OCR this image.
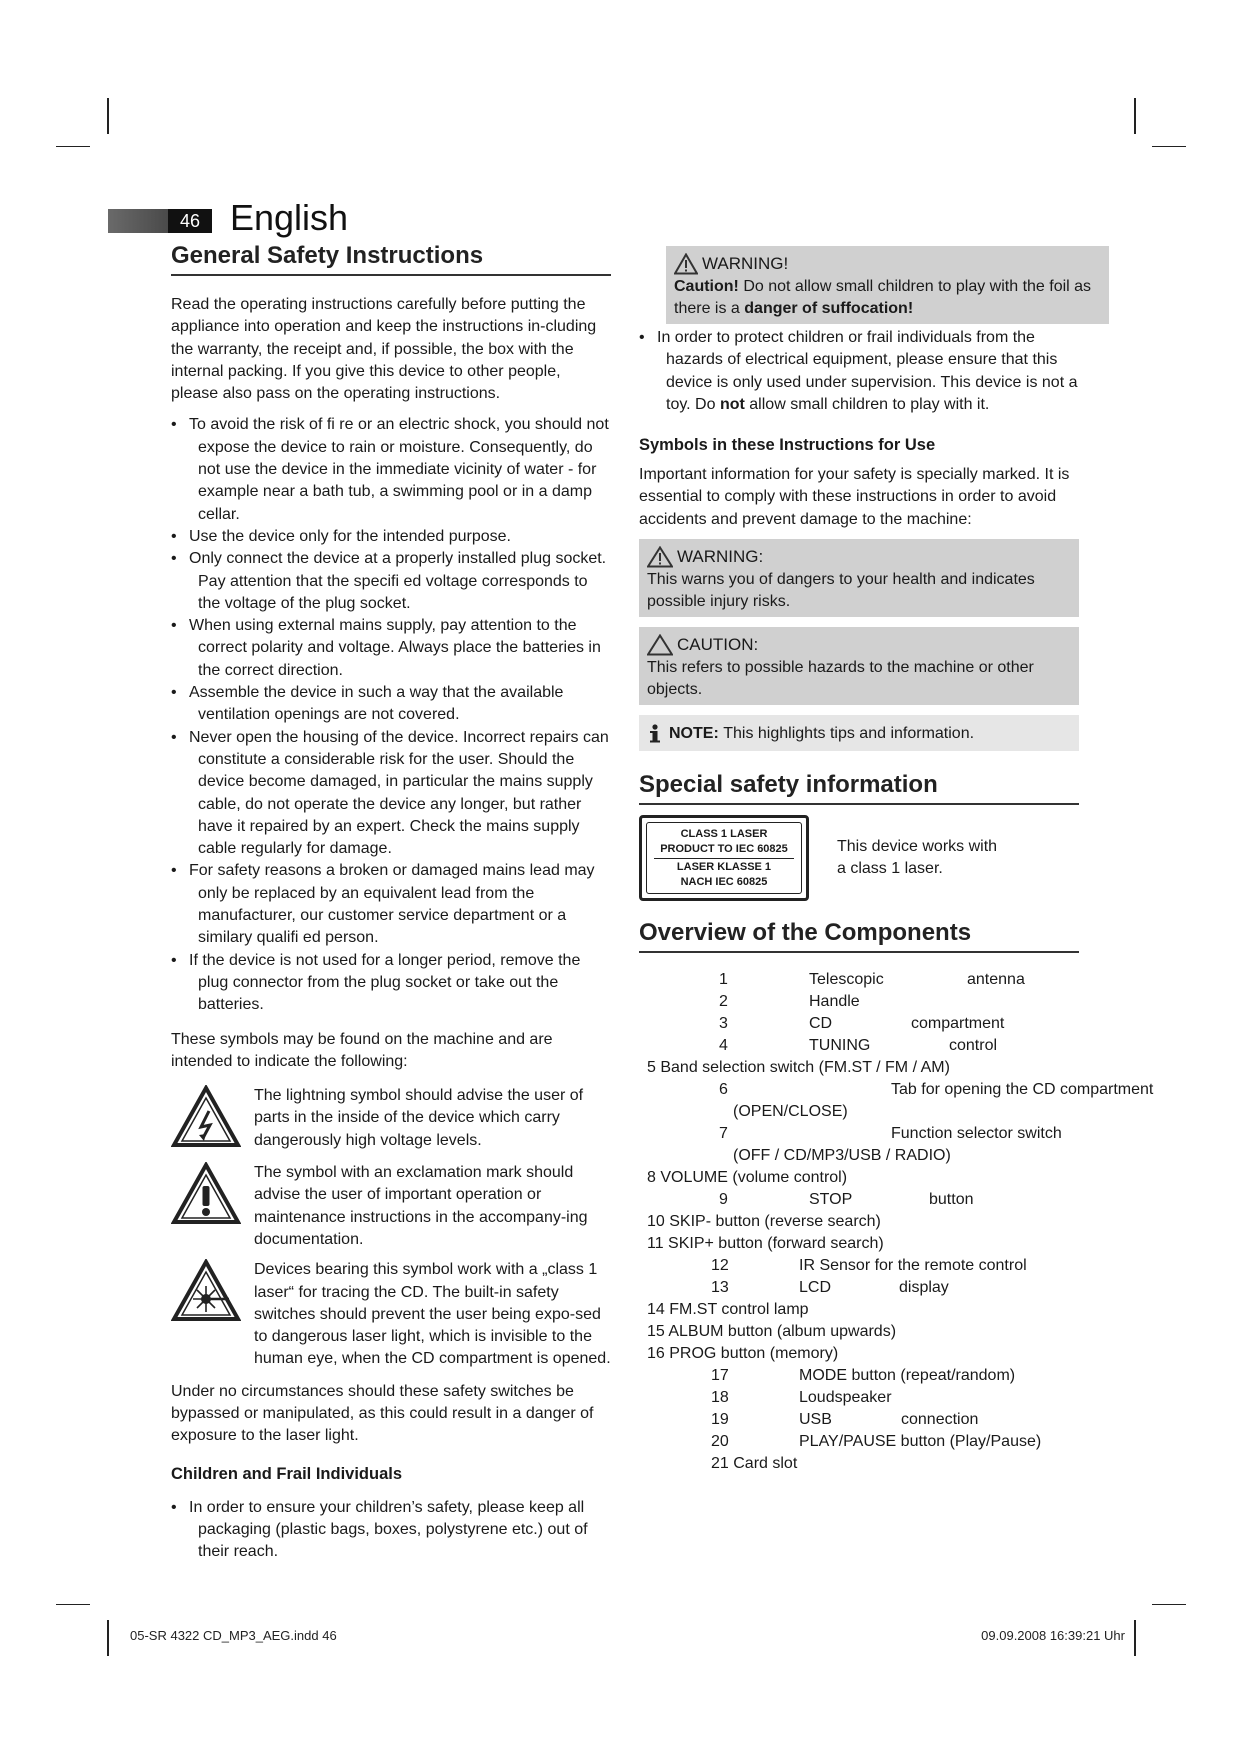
46 English
General Safety Instructions

Read the operating instructions carefully before putting the appliance into operation and keep the instructions in-cluding the warranty, the receipt and, if possible, the box with the internal packing. If you give this device to other people, please also pass on the operating instructions.

• To avoid the risk of fi re or an electric shock, you should not expose the device to rain or moisture. Consequently, do not use the device in the immediate vicinity of water - for example near a bath tub, a swimming pool or in a damp cellar.
• Use the device only for the intended purpose.
• Only connect the device at a properly installed plug socket. Pay attention that the specifi ed voltage corresponds to the voltage of the plug socket.
• When using external mains supply, pay attention to the correct polarity and voltage. Always place the batteries in the correct direction.
• Assemble the device in such a way that the available ventilation openings are not covered.
• Never open the housing of the device. Incorrect repairs can constitute a considerable risk for the user. Should the device become damaged, in particular the mains supply cable, do not operate the device any longer, but rather have it repaired by an expert. Check the mains supply cable regularly for damage.
• For safety reasons a broken or damaged mains lead may only be replaced by an equivalent lead from the manufacturer, our customer service department or a similary qualifi ed person.
• If the device is not used for a longer period, remove the plug connector from the plug socket or take out the batteries.

These symbols may be found on the machine and are intended to indicate the following:

The lightning symbol should advise the user of parts in the inside of the device which carry dangerously high voltage levels.
The symbol with an exclamation mark should advise the user of important operation or maintenance instructions in the accompany-ing documentation.
Devices bearing this symbol work with a „class 1 laser“ for tracing the CD. The built-in safety switches should prevent the user being expo-sed to dangerous laser light, which is invisible to the human eye, when the CD compartment is opened.

Under no circumstances should these safety switches be bypassed or manipulated, as this could result in a danger of exposure to the laser light.

Children and Frail Individuals

• In order to ensure your children’s safety, please keep all packaging (plastic bags, boxes, polystyrene etc.) out of their reach.
WARNING!
Caution! Do not allow small children to play with the foil as there is a danger of suffocation!
• In order to protect children or frail individuals from the hazards of electrical equipment, please ensure that this device is only used under supervision. This device is not a toy. Do not allow small children to play with it.

Symbols in these Instructions for Use

Important information for your safety is specially marked. It is essential to comply with these instructions in order to avoid accidents and prevent damage to the machine:

WARNING:
This warns you of dangers to your health and indicates possible injury risks.
CAUTION:
This refers to possible hazards to the machine or other objects.
NOTE:
This highlights tips and information.
Special safety information
CLASS 1 LASER
PRODUCT TO IEC 60825
LASER KLASSE 1
NACH IEC 60825
This device works with
a class 1 laser.
Overview of the Components
1	Telescopic	antenna
2	Handle
3	CD	compartment
4	TUNING	control
5 Band selection switch (FM.ST / FM / AM)
6	Tab for opening the CD compartment
(OPEN/CLOSE)
7	Function selector switch
(OFF / CD/MP3/USB / RADIO)
8 VOLUME (volume control)
9	STOP	button
10 SKIP- button (reverse search)
11 SKIP+ button (forward search)
12	IR Sensor for the remote control
13	LCD	display
14 FM.ST control lamp
15 ALBUM button (album upwards)
16 PROG button (memory)
17	MODE button (repeat/random)
18	Loudspeaker
19	USB	connection
20	PLAY/PAUSE button (Play/Pause)
21 Card slot
05-SR 4322 CD_MP3_AEG.indd 46	09.09.2008 16:39:21 Uhr
